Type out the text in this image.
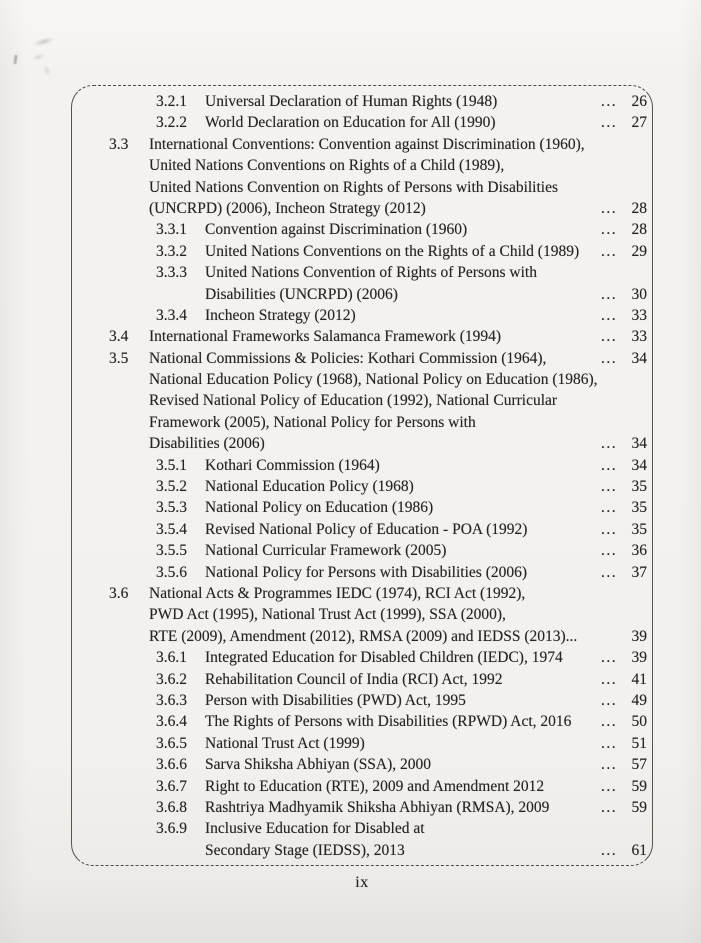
3.2.1 Universal Declaration of Human Rights (1948)	... 26
3.2.2 World Declaration on Education for All (1990)	... 27
3.3 International Conventions: Convention against Discrimination (1960),
United Nations Conventions on Rights of a Child (1989),
United Nations Convention on Rights of Persons with Disabilities
(UNCRPD) (2006), Incheon Strategy (2012)	... 28
3.3.1 Convention against Discrimination (1960)	... 28
3.3.2 United Nations Conventions on the Rights of a Child (1989) ... 29
3.3.3 United Nations Convention of Rights of Persons with
Disabilities (UNCRPD) (2006)	... 30
3.3.4 Incheon Strategy (2012)	... 33
3.4 International Frameworks Salamanca Framework (1994)	... 33
3.5 National Commissions & Policies: Kothari Commission (1964),	... 34
National Education Policy (1968), National Policy on Education (1986),
Revised National Policy of Education (1992), National Curricular
Framework (2005), National Policy for Persons with
Disabilities (2006)	... 34
3.5.1 Kothari Commission (1964)	... 34
3.5.2 National Education Policy (1968)	... 35
3.5.3 National Policy on Education (1986)	... 35
3.5.4 Revised National Policy of Education - POA (1992)	... 35
3.5.5 National Curricular Framework (2005)	... 36
3.5.6 National Policy for Persons with Disabilities (2006)	... 37
3.6 National Acts & Programmes IEDC (1974), RCI Act (1992),
PWD Act (1995), National Trust Act (1999), SSA (2000),
RTE (2009), Amendment (2012), RMSA (2009) and IEDSS (2013)...	39
3.6.1 Integrated Education for Disabled Children (IEDC), 1974 ... 39
3.6.2 Rehabilitation Council of India (RCI) Act, 1992	... 41
3.6.3 Person with Disabilities (PWD) Act, 1995	... 49
3.6.4 The Rights of Persons with Disabilities (RPWD) Act, 2016 ... 50
3.6.5 National Trust Act (1999)	... 51
3.6.6 Sarva Shiksha Abhiyan (SSA), 2000	... 57
3.6.7 Right to Education (RTE), 2009 and Amendment 2012	... 59
3.6.8 Rashtriya Madhyamik Shiksha Abhiyan (RMSA), 2009	... 59
3.6.9 Inclusive Education for Disabled at
Secondary Stage (IEDSS), 2013	... 61
ix
